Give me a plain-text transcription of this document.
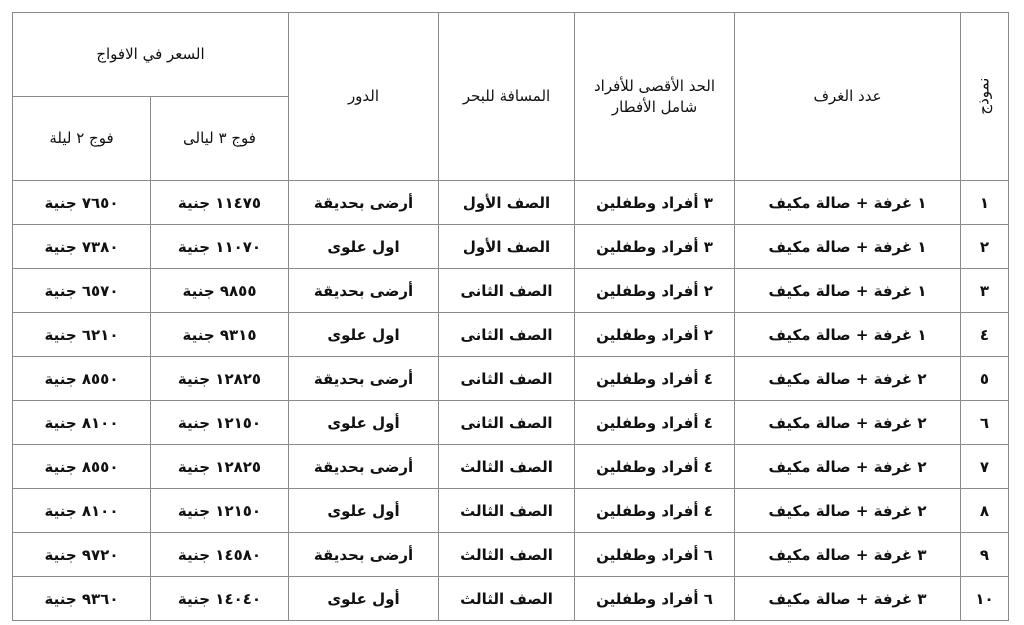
نموذج	عدد الغرف	الحد الأقصى للأفراد شامل الأفطار	المسافة للبحر	الدور	السعر في الافواج	
					فوج ٣ ليالى	فوج ٢ ليلة
١	١ غرفة + صالة مكيف	٣ أفراد وطفلين	الصف الأول	أرضى بحديقة	١١٤٧٥ جنية	٧٦٥٠ جنية
٢	١ غرفة + صالة مكيف	٣ أفراد وطفلين	الصف الأول	اول علوى	١١٠٧٠ جنية	٧٣٨٠ جنية
٣	١ غرفة + صالة مكيف	٢ أفراد وطفلين	الصف الثانى	أرضى بحديقة	٩٨٥٥ جنية	٦٥٧٠ جنية
٤	١ غرفة + صالة مكيف	٢ أفراد وطفلين	الصف الثانى	اول علوى	٩٣١٥ جنية	٦٢١٠ جنية
٥	٢ غرفة + صالة مكيف	٤ أفراد وطفلين	الصف الثانى	أرضى بحديقة	١٢٨٢٥ جنية	٨٥٥٠ جنية
٦	٢ غرفة + صالة مكيف	٤ أفراد وطفلين	الصف الثانى	أول علوى	١٢١٥٠ جنية	٨١٠٠ جنية
٧	٢ غرفة + صالة مكيف	٤ أفراد وطفلين	الصف الثالث	أرضى بحديقة	١٢٨٢٥ جنية	٨٥٥٠ جنية
٨	٢ غرفة + صالة مكيف	٤ أفراد وطفلين	الصف الثالث	أول علوى	١٢١٥٠ جنية	٨١٠٠ جنية
٩	٣ غرفة + صالة مكيف	٦ أفراد وطفلين	الصف الثالث	أرضى بحديقة	١٤٥٨٠ جنية	٩٧٢٠ جنية
١٠	٣ غرفة + صالة مكيف	٦ أفراد وطفلين	الصف الثالث	أول علوى	١٤٠٤٠ جنية	٩٣٦٠ جنية
